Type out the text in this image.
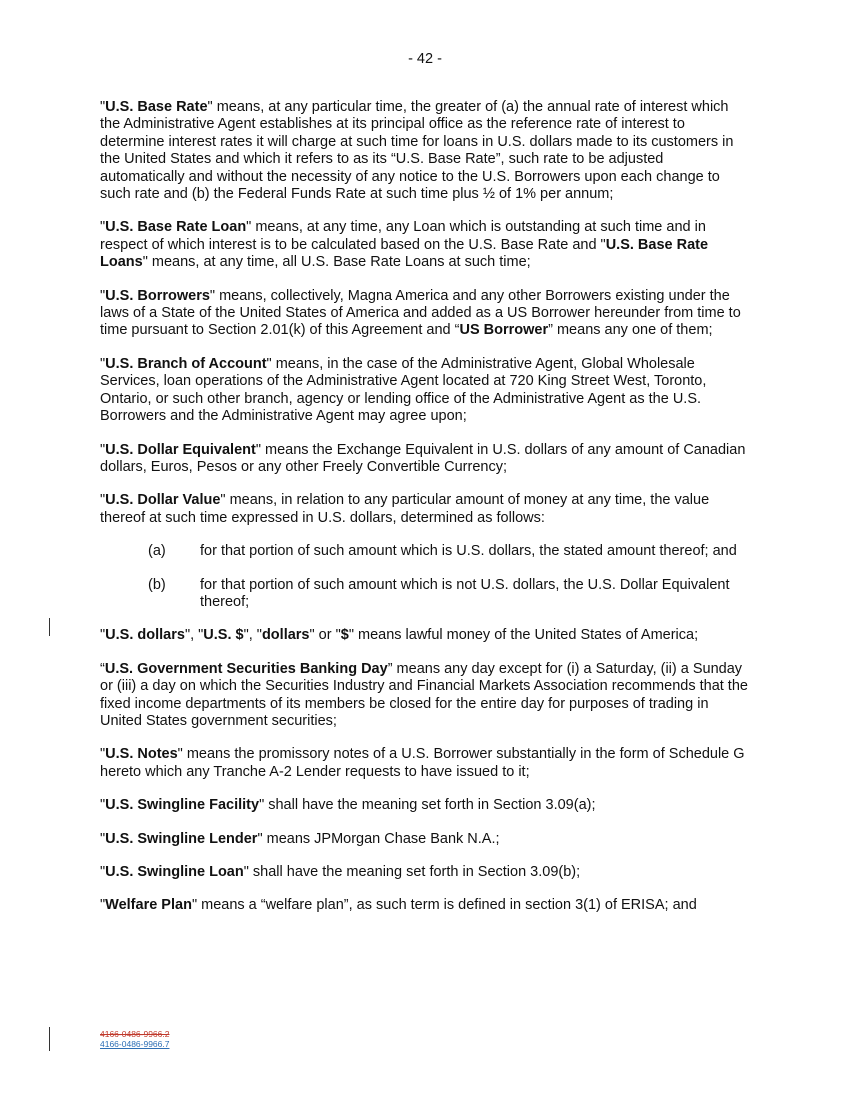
- 42 -

"U.S. Base Rate" means, at any particular time, the greater of (a) the annual rate of interest which the Administrative Agent establishes at its principal office as the reference rate of interest to determine interest rates it will charge at such time for loans in U.S. dollars made to its customers in the United States and which it refers to as its “U.S. Base Rate”, such rate to be adjusted automatically and without the necessity of any notice to the U.S. Borrowers upon each change to such rate and (b) the Federal Funds Rate at such time plus ½ of 1% per annum;

"U.S. Base Rate Loan" means, at any time, any Loan which is outstanding at such time and in respect of which interest is to be calculated based on the U.S. Base Rate and "U.S. Base Rate Loans" means, at any time, all U.S. Base Rate Loans at such time;

"U.S. Borrowers" means, collectively, Magna America and any other Borrowers existing under the laws of a State of the United States of America and added as a US Borrower hereunder from time to time pursuant to Section 2.01(k) of this Agreement and “US Borrower” means any one of them;

"U.S. Branch of Account" means, in the case of the Administrative Agent, Global Wholesale Services, loan operations of the Administrative Agent located at 720 King Street West, Toronto, Ontario, or such other branch, agency or lending office of the Administrative Agent as the U.S. Borrowers and the Administrative Agent may agree upon;

"U.S. Dollar Equivalent" means the Exchange Equivalent in U.S. dollars of any amount of Canadian dollars, Euros, Pesos or any other Freely Convertible Currency;

"U.S. Dollar Value" means, in relation to any particular amount of money at any time, the value thereof at such time expressed in U.S. dollars, determined as follows:

(a) for that portion of such amount which is U.S. dollars, the stated amount thereof; and
(b) for that portion of such amount which is not U.S. dollars, the U.S. Dollar Equivalent thereof;

"U.S. dollars", "U.S. $", "dollars" or "$" means lawful money of the United States of America;

“U.S. Government Securities Banking Day” means any day except for (i) a Saturday, (ii) a Sunday or (iii) a day on which the Securities Industry and Financial Markets Association recommends that the fixed income departments of its members be closed for the entire day for purposes of trading in United States government securities;

"U.S. Notes" means the promissory notes of a U.S. Borrower substantially in the form of Schedule G hereto which any Tranche A-2 Lender requests to have issued to it;

"U.S. Swingline Facility" shall have the meaning set forth in Section 3.09(a);

"U.S. Swingline Lender" means JPMorgan Chase Bank N.A.;

"U.S. Swingline Loan" shall have the meaning set forth in Section 3.09(b);

"Welfare Plan" means a “welfare plan”, as such term is defined in section 3(1) of ERISA; and

4166-0486-9966.2
4166-0486-9966.7
